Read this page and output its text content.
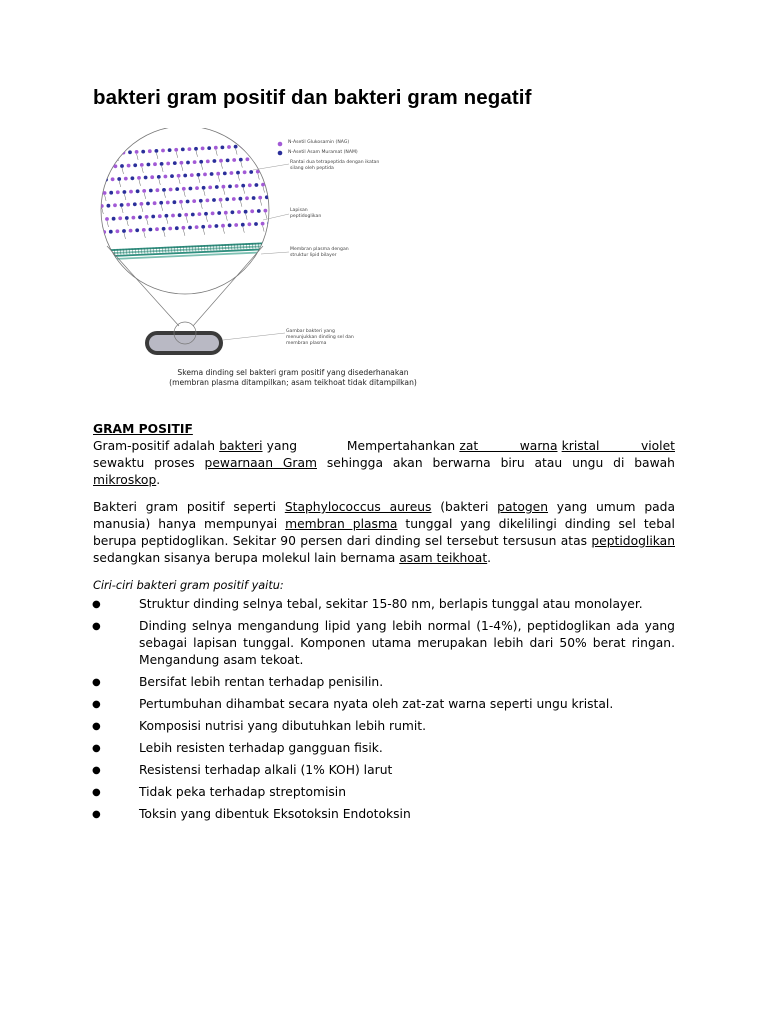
bakteri gram positif dan bakteri gram negatif
N-Asetil Glukosamin (NAG)
N-Asetil Asam Muramat (NAM)
Rantai dua tetrapeptida dengan ikatan
silang oleh peptida
Lapisan
peptidoglikan
Membran plasma dengan
struktur lipid bilayer
Gambar bakteri yang
menunjukkan dinding sel dan
membran plasma
Skema dinding sel bakteri gram positif yang disederhanakan
(membran plasma ditampilkan; asam teikhoat tidak ditampilkan)

GRAM POSITIF

Gram-positif adalah bakteri yang            Mempertahankan zat          warna kristal          violet sewaktu proses pewarnaan Gram sehingga akan berwarna biru atau ungu di bawah mikroskop.

Bakteri gram positif seperti Staphylococcus aureus (bakteri patogen yang umum pada manusia) hanya mempunyai membran plasma tunggal yang dikelilingi dinding sel tebal berupa peptidoglikan. Sekitar 90 persen dari dinding sel tersebut tersusun atas peptidoglikan sedangkan sisanya berupa molekul lain bernama asam teikhoat.

Ciri-ciri bakteri gram positif yaitu:

●	Struktur dinding selnya tebal, sekitar 15-80 nm, berlapis tunggal atau monolayer.
●	Dinding selnya mengandung lipid yang lebih normal (1-4%), peptidoglikan ada yang sebagai lapisan tunggal. Komponen utama merupakan lebih dari 50% berat ringan. Mengandung asam tekoat.
●	Bersifat lebih rentan terhadap penisilin.
●	Pertumbuhan dihambat secara nyata oleh zat-zat warna seperti ungu kristal.
●	Komposisi nutrisi yang dibutuhkan lebih rumit.
●	Lebih resisten terhadap gangguan fisik.
●	Resistensi terhadap alkali (1% KOH) larut
●	Tidak peka terhadap streptomisin
●	Toksin yang dibentuk Eksotoksin Endotoksin
